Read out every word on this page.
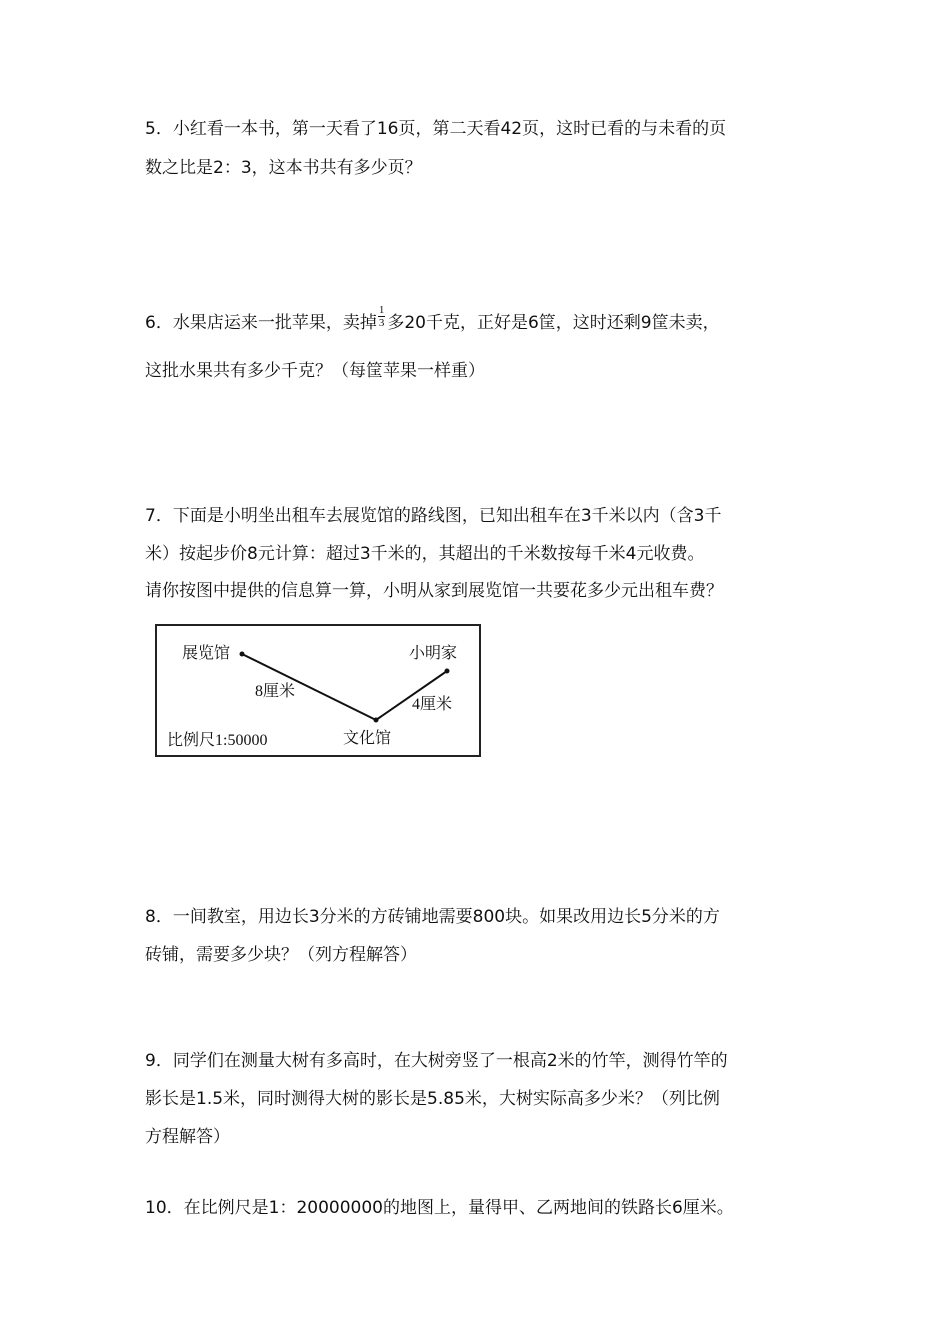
5．小红看一本书，第一天看了16页，第二天看42页，这时已看的与未看的页
数之比是2：3，这本书共有多少页？
6．水果店运来一批苹果，卖掉 $\frac{1}{3}$ 多20千克，正好是6筐，这时还剩9筐未卖，
这批水果共有多少千克？（每筐苹果一样重）
7．下面是小明坐出租车去展览馆的路线图，已知出租车在3千米以内（含3千
米）按起步价8元计算：超过3千米的，其超出的千米数按每千米4元收费。
请你按图中提供的信息算一算，小明从家到展览馆一共要花多少元出租车费？
展览馆	小明家
8厘米
4厘米
比例尺1:50000	文化馆
8．一间教室，用边长3分米的方砖铺地需要800块。如果改用边长5分米的方
砖铺，需要多少块？（列方程解答）
9．同学们在测量大树有多高时，在大树旁竖了一根高2米的竹竿，测得竹竿的
影长是1.5米，同时测得大树的影长是5.85米，大树实际高多少米？（列比例
方程解答）
10．在比例尺是1：20000000的地图上，量得甲、乙两地间的铁路长6厘米。
